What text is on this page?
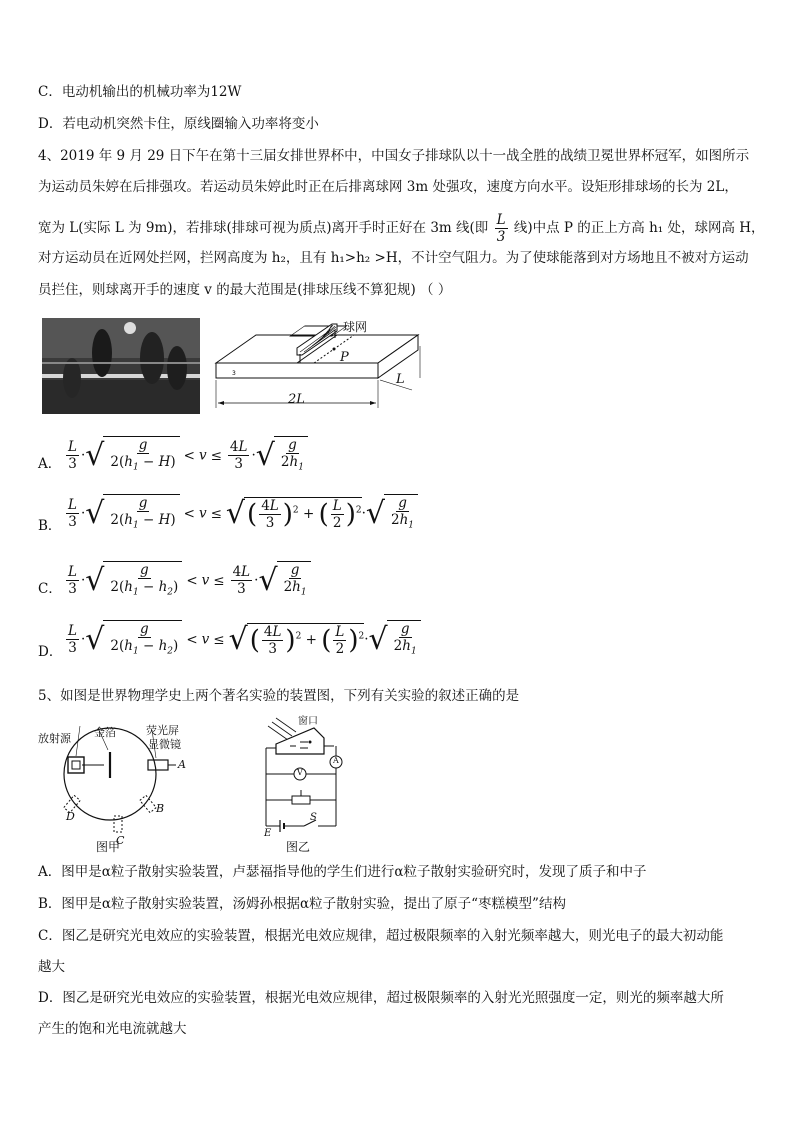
C．电动机输出的机械功率为12W
D．若电动机突然卡住，原线圈输入功率将变小
4、2019 年 9 月 29 日下午在第十三届女排世界杯中，中国女子排球队以十一战全胜的战绩卫冕世界杯冠军，如图所示
为运动员朱婷在后排强攻。若运动员朱婷此时正在后排离球网 3m 处强攻，速度方向水平。设矩形排球场的长为 2L，
宽为 L(实际 L 为 9m)，若排球(排球可视为质点)离开手时正好在 3m 线(即 $\frac{L}{3}$ 线)中点 P 的正上方高 h₁ 处，球网高 H，
对方运动员在近网处拦网，拦网高度为 h₂，且有 h₁>h₂ >H，不计空气阻力。为了使球能落到对方场地且不被对方运动
员拦住，则球离开手的速度 v 的最大范围是(排球压线不算犯规) （ ）
3
球网
P
L
2L
A． $\frac{L}{3}$ · √ $\frac{g}{2(h_1 - H)} < v \le \frac{4L}{3}$ · √ $\frac{g}{2h_1}$
B． $\frac{L}{3}$ · √ $\frac{g}{2(h_1 - H)} < v$ ≤ √ ( $\frac{4L}{3} )^2$ + ( $\frac{L}{2} )^2$ · √ $\frac{g}{2h_1}$
C． $\frac{L}{3}$ · √ $\frac{g}{2(h_1 - h_2)} < v \le \frac{4L}{3}$ · √ $\frac{g}{2h_1}$
D． $\frac{L}{3}$ · √ $\frac{g}{2(h_1 - h_2)} < v$ ≤ √ ( $\frac{4L}{3} )^2$ + ( $\frac{L}{2} )^2$ · √ $\frac{g}{2h_1}$
5、如图是世界物理学史上两个著名实验的装置图，下列有关实验的叙述正确的是
放射源 金箔	荧光屏
显微镜
A
B
C
D
图甲
窗口
V
A
E
S
图乙
A．图甲是α粒子散射实验装置，卢瑟福指导他的学生们进行α粒子散射实验研究时，发现了质子和中子
B．图甲是α粒子散射实验装置，汤姆孙根据α粒子散射实验，提出了原子“枣糕模型”结构
C．图乙是研究光电效应的实验装置，根据光电效应规律，超过极限频率的入射光频率越大，则光电子的最大初动能
越大
D．图乙是研究光电效应的实验装置，根据光电效应规律，超过极限频率的入射光光照强度一定，则光的频率越大所
产生的饱和光电流就越大
